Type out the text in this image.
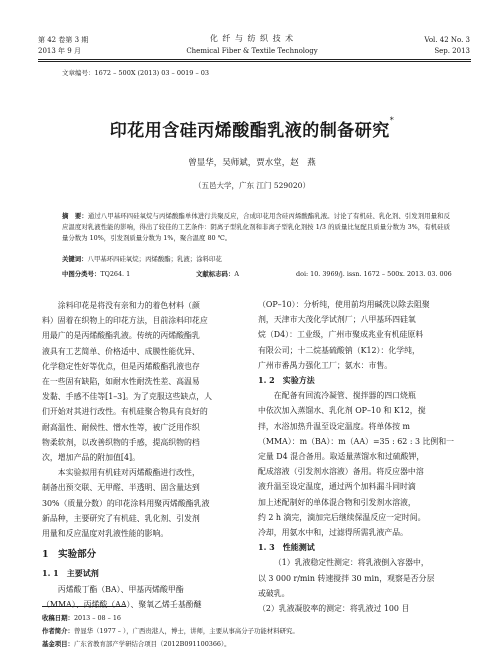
第 42 卷第 3 期
2013 年 9 月
化 纤 与 纺 织 技 术
Chemical Fiber & Textile Technology
Vol. 42 No. 3
Sep. 2013
文章编号：1672 – 500X (2013) 03 – 0019 – 03
印花用含硅丙烯酸酯乳液的制备研究*
曾显华，吴师斌，贾水堂，赵　燕
（五邑大学，广东 江门 529020）
摘　要：通过八甲基环四硅氧烷与丙烯酸酯单体进行共聚反应，合成印花用含硅丙烯酸酯乳液。讨论了有机硅、乳化剂、引发剂用量和反应温度对乳液性能的影响，得出了较佳的工艺条件：阴离子型乳化剂和非离子型乳化剂按 1/3 的质量比复配且质量分数为 3%，有机硅质量分数为 10%，引发剂质量分数为 1%，聚合温度 80 ℃。
关键词：八甲基环四硅氧烷；丙烯酸酯；乳液；涂料印花
中图分类号：TQ264. 1	文献标志码：A	doi: 10. 3969/j. issn. 1672 – 500x. 2013. 03. 006

涂料印花是将没有亲和力的着色材料（颜
料）固着在织物上的印花方法，目前涂料印花应
用最广的是丙烯酸酯乳液。传统的丙烯酸酯乳
液具有工艺简单、价格适中、成膜性能优异、
化学稳定性好等优点，但是丙烯酸酯乳液也存
在一些固有缺陷，如耐水性耐洗性差、高温易
发黏、手感不佳等[1–3]。为了克服这些缺点，人
们开始对其进行改性。有机硅聚合物具有良好的
耐高温性、耐候性、憎水性等，被广泛用作织
物柔软剂，以改善织物的手感，提高织物的档
次，增加产品的附加值[4]。

本实验拟用有机硅对丙烯酸酯进行改性，
制备出预交联、无甲醛、半透明、固含量达到
30%（质量分数）的印花涂料用聚丙烯酸酯乳液
新品种，主要研究了有机硅、乳化剂、引发剂
用量和反应温度对乳液性能的影响。

1　实验部分
1. 1　主要试剂

丙烯酸丁酯（BA）、甲基丙烯酸甲酯
（MMA）、丙烯酸（AA）、聚氧乙烯壬基酚醚

（OP–10）：分析纯，使用前均用碱洗以除去阻聚
剂，天津市大茂化学试剂厂；八甲基环四硅氧
烷（D4）：工业级，广州市聚成兆业有机硅原料
有限公司；十二烷基硫酸钠（K12）：化学纯，
广州市番禺力强化工厂；氨水：市售。

1. 2　实验方法

在配备有回流冷凝管、搅拌器的四口烧瓶
中依次加入蒸馏水、乳化剂 OP–10 和 K12，搅
拌，水浴加热升温至设定温度。将单体按 m
（MMA）：m（BA）：m（AA）=35 : 62 : 3 比例和一
定量 D4 混合备用。取适量蒸馏水和过硫酸钾，
配成溶液（引发剂水溶液）备用。将反应器中溶
液升温至设定温度，通过两个加料漏斗同时滴
加上述配制好的单体混合物和引发剂水溶液，
约 2 h 滴完，滴加完后继续保温反应一定时间。
冷却，用氨水中和，过滤得所需乳液产品。

1. 3　性能测试

（1）乳液稳定性测定：将乳液倒入容器中，
以 3 000 r/min 转速搅拌 30 min，观察是否分层
或破乳。
（2）乳液凝胶率的测定：将乳液过 100 目

收稿日期：2013 – 08 – 16
作者简介：曾显华（1977 – ），广西贵港人，博士，讲师，主要从事高分子功能材料研究。
基金项目：广东省教育部产学研结合项目（2012B091100366）。
